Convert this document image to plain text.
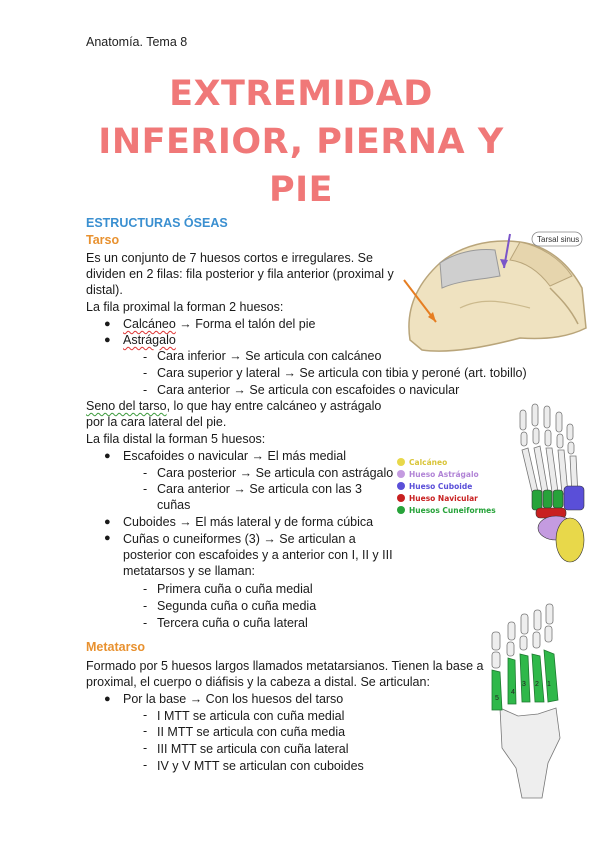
Anatomía. Tema 8
EXTREMIDAD
INFERIOR, PIERNA Y
PIE
ESTRUCTURAS ÓSEAS
Tarso
Es un conjunto de 7 huesos cortos e irregulares. Se
dividen en 2 filas: fila posterior y fila anterior (proximal y
distal).
La fila proximal la forman 2 huesos:
● Calcáneo → Forma el talón del pie
● Astrágalo
- Cara inferior → Se articula con calcáneo
- Cara superior y lateral → Se articula con tibia y peroné (art. tobillo)
- Cara anterior → Se articula con escafoides o navicular
Seno del tarso, lo que hay entre calcáneo y astrágalo
por la cara lateral del pie.
La fila distal la forman 5 huesos:
● Escafoides o navicular → El más medial
- Cara posterior → Se articula con astrágalo
- Cara anterior → Se articula con las 3
cuñas
● Cuboides → El más lateral y de forma cúbica
● Cuñas o cuneiformes (3) → Se articulan a
posterior con escafoides y a anterior con I, II y III
metatarsos y se llaman:
- Primera cuña o cuña medial
- Segunda cuña o cuña media
- Tercera cuña o cuña lateral
Metatarso
Formado por 5 huesos largos llamados metatarsianos. Tienen la base a
proximal, el cuerpo o diáfisis y la cabeza a distal. Se articulan:
● Por la base → Con los huesos del tarso
- I MTT se articula con cuña medial
- II MTT se articula con cuña media
- III MTT se articula con cuña lateral
- IV y V MTT se articulan con cuboides
Tarsal sinus
Calcáneo
Hueso Astrágalo
Hueso Cuboide
Hueso Navicular
Huesos Cuneiformes
1
2
3
4
5
